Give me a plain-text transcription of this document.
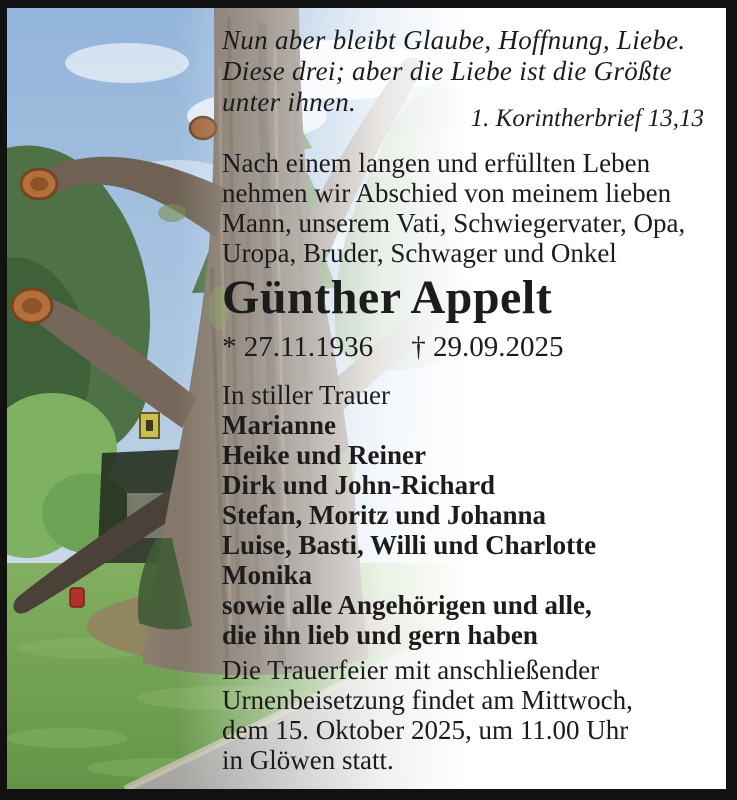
Nun aber bleibt Glaube, Hoffnung, Liebe.
Diese drei; aber die Liebe ist die Größte
unter ihnen.
1. Korintherbrief 13,13
Nach einem langen und erfüllten Leben
nehmen wir Abschied von meinem lieben
Mann, unserem Vati, Schwiegervater, Opa,
Uropa, Bruder, Schwager und Onkel
Günther Appelt
* 27.11.1936 † 29.09.2025
In stiller Trauer
Marianne
Heike und Reiner
Dirk und John-Richard
Stefan, Moritz und Johanna
Luise, Basti, Willi und Charlotte
Monika
sowie alle Angehörigen und alle,
die ihn lieb und gern haben
Die Trauerfeier mit anschließender
Urnenbeisetzung findet am Mittwoch,
dem 15. Oktober 2025, um 11.00 Uhr
in Glöwen statt.
